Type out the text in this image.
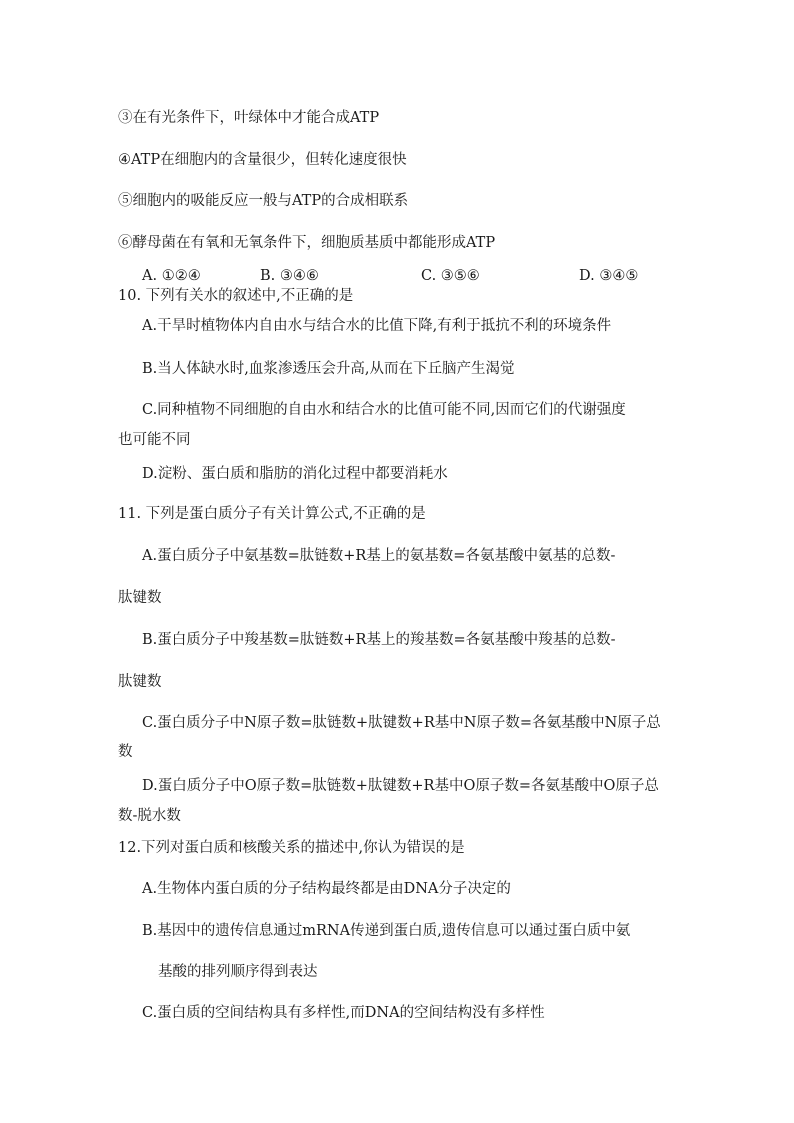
③在有光条件下，叶绿体中才能合成ATP
④ATP在细胞内的含量很少，但转化速度很快
⑤细胞内的吸能反应一般与ATP的合成相联系
⑥酵母菌在有氧和无氧条件下，细胞质基质中都能形成ATP
A. ①②④	B. ③④⑥	C. ③⑤⑥	D. ③④⑤
10. 下列有关水的叙述中,不正确的是
A.干旱时植物体内自由水与结合水的比值下降,有利于抵抗不利的环境条件
B.当人体缺水时,血浆渗透压会升高,从而在下丘脑产生渴觉
C.同种植物不同细胞的自由水和结合水的比值可能不同,因而它们的代谢强度
也可能不同
D.淀粉、蛋白质和脂肪的消化过程中都要消耗水
11. 下列是蛋白质分子有关计算公式,不正确的是
A.蛋白质分子中氨基数=肽链数+R基上的氨基数=各氨基酸中氨基的总数-
肽键数
B.蛋白质分子中羧基数=肽链数+R基上的羧基数=各氨基酸中羧基的总数-
肽键数
C.蛋白质分子中N原子数=肽链数+肽键数+R基中N原子数=各氨基酸中N原子总
数
D.蛋白质分子中O原子数=肽链数+肽键数+R基中O原子数=各氨基酸中O原子总
数-脱水数
12.下列对蛋白质和核酸关系的描述中,你认为错误的是
A.生物体内蛋白质的分子结构最终都是由DNA分子决定的
B.基因中的遗传信息通过mRNA传递到蛋白质,遗传信息可以通过蛋白质中氨
基酸的排列顺序得到表达
C.蛋白质的空间结构具有多样性,而DNA的空间结构没有多样性
